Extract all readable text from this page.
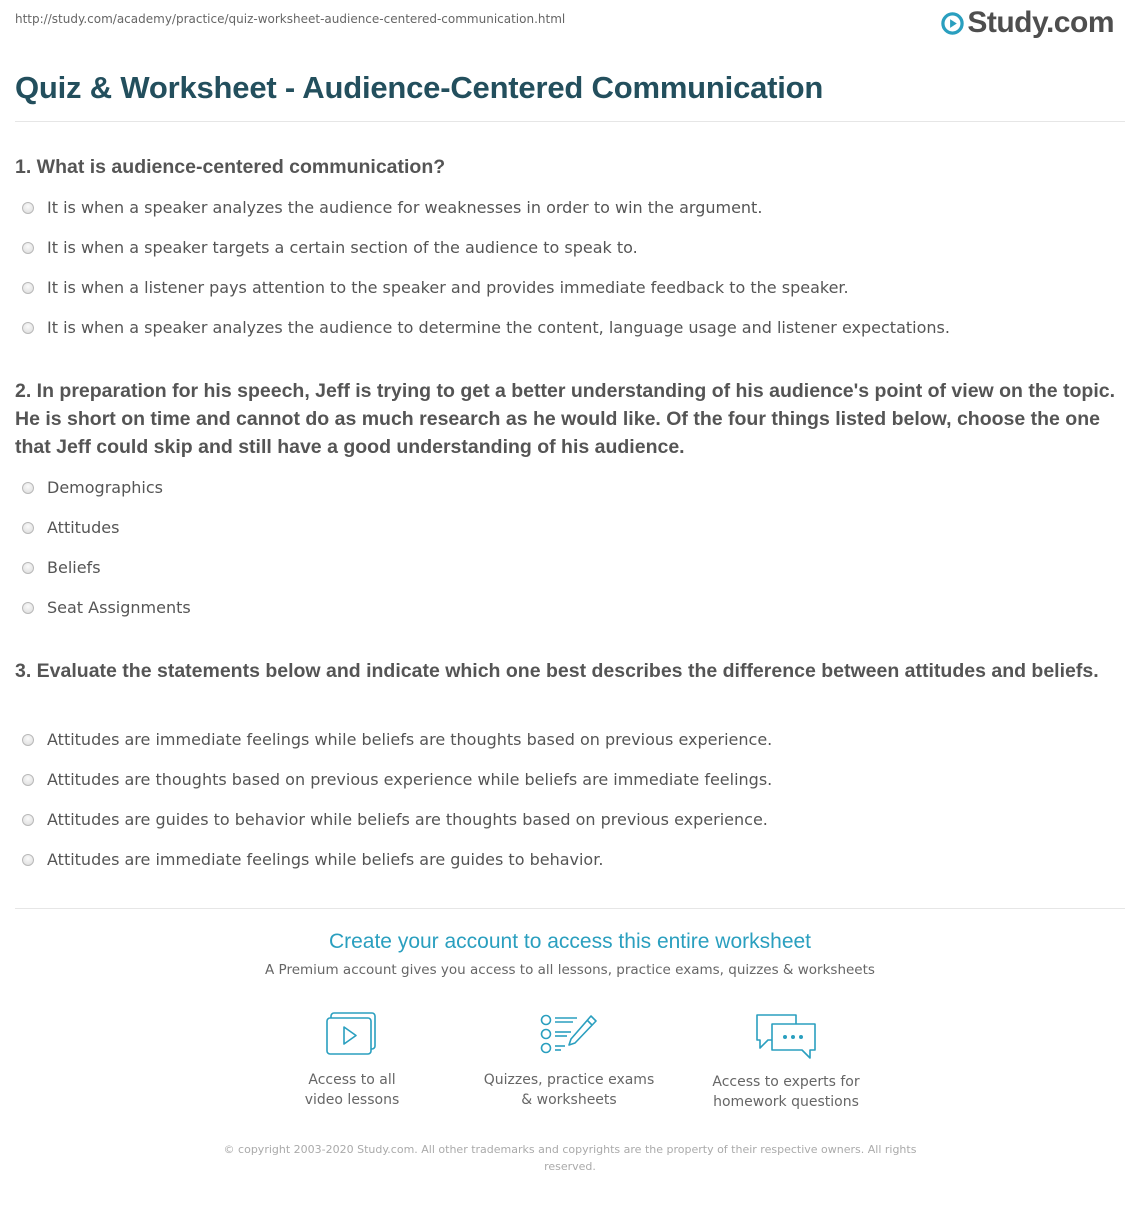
http://study.com/academy/practice/quiz-worksheet-audience-centered-communication.html	Study.com
Quiz & Worksheet - Audience-Centered Communication
1. What is audience-centered communication?
It is when a speaker analyzes the audience for weaknesses in order to win the argument.
It is when a speaker targets a certain section of the audience to speak to.
It is when a listener pays attention to the speaker and provides immediate feedback to the speaker.
It is when a speaker analyzes the audience to determine the content, language usage and listener expectations.
2. In preparation for his speech, Jeff is trying to get a better understanding of his audience's point of view on the topic. He is short on time and cannot do as much research as he would like. Of the four things listed below, choose the one that Jeff could skip and still have a good understanding of his audience.
Demographics
Attitudes
Beliefs
Seat Assignments
3. Evaluate the statements below and indicate which one best describes the difference between attitudes and beliefs.
Attitudes are immediate feelings while beliefs are thoughts based on previous experience.
Attitudes are thoughts based on previous experience while beliefs are immediate feelings.
Attitudes are guides to behavior while beliefs are thoughts based on previous experience.
Attitudes are immediate feelings while beliefs are guides to behavior.
Create your account to access this entire worksheet
A Premium account gives you access to all lessons, practice exams, quizzes & worksheets
Access to all
video lessons
Quizzes, practice exams
& worksheets
Access to experts for
homework questions
© copyright 2003-2020 Study.com. All other trademarks and copyrights are the property of their respective owners. All rights reserved.
